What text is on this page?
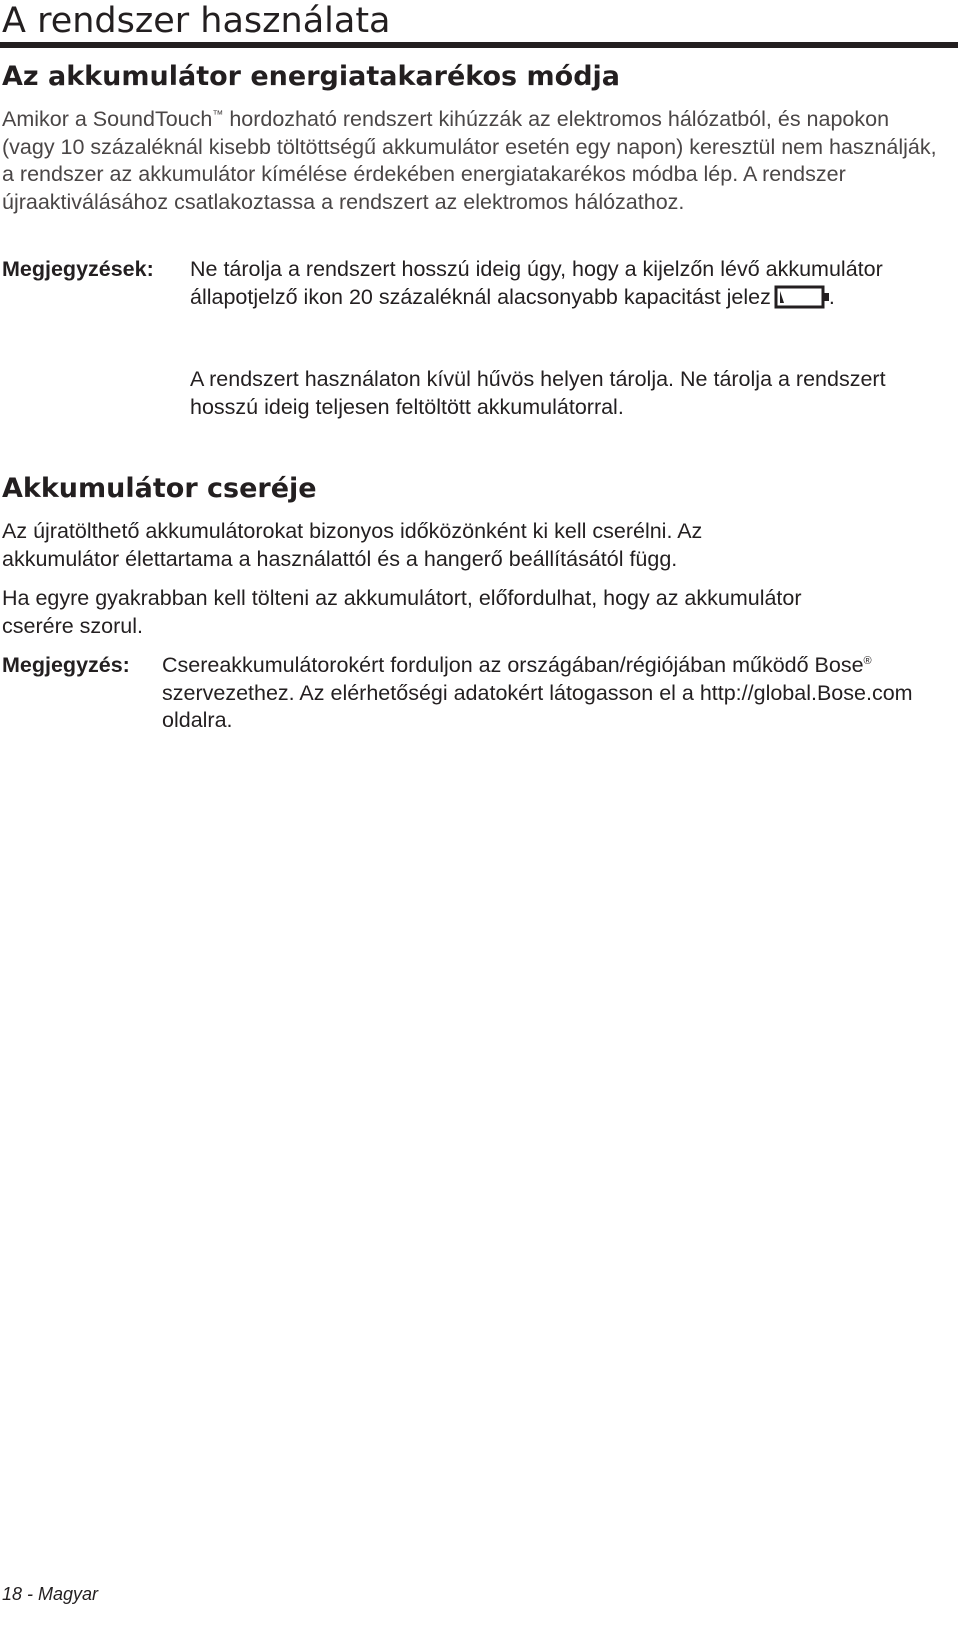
A rendszer használata
Az akkumulátor energiatakarékos módja

Amikor a SoundTouch™ hordozható rendszert kihúzzák az elektromos hálózatból, és napokon (vagy 10 százaléknál kisebb töltöttségű akkumulátor esetén egy napon) keresztül nem használják, a rendszer az akkumulátor kímélése érdekében energiatakarékos módba lép. A rendszer újraaktiválásához csatlakoztassa a rendszert az elektromos hálózathoz.

Megjegyzések: Ne tárolja a rendszert hosszú ideig úgy, hogy a kijelzőn lévő akkumulátor állapotjelző ikon 20 százaléknál alacsonyabb kapacitást jelez	.

A rendszert használaton kívül hűvös helyen tárolja. Ne tárolja a rendszert hosszú ideig teljesen feltöltött akkumulátorral.

Akkumulátor cseréje

Az újratölthető akkumulátorokat bizonyos időközönként ki kell cserélni. Az akkumulátor élettartama a használattól és a hangerő beállításától függ.

Ha egyre gyakrabban kell tölteni az akkumulátort, előfordulhat, hogy az akkumulátor cserére szorul.

Megjegyzés: Csereakkumulátorokért forduljon az országában/régiójában működő Bose® szervezethez. Az elérhetőségi adatokért látogasson el a http://global.Bose.com oldalra.

18 - Magyar
